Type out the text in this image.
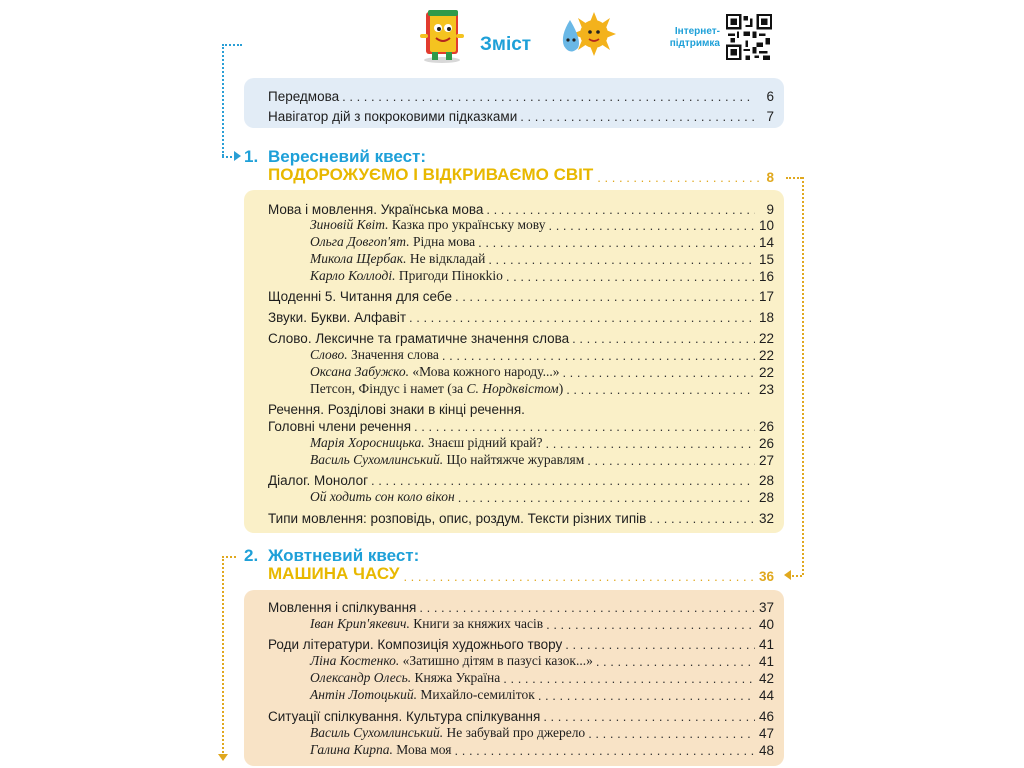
Зміст
Інтернет-
підтримка
Передмова . . .	6
Навігатор дій з покроковими підказками . . .	7
1. Вересневий квест:
ПОДОРОЖУЄМО І ВІДКРИВАЄМО СВІТ . . .	8
Мова і мовлення. Українська мова . . .	9
Зиновій Квіт. Казка про українську мову . . .	10
Ольга Довгоп'ят. Рідна мова . . .	14
Микола Щербак. Не відкладай . . .	15
Карло Коллоді. Пригоди Пінокkіо . . .	16
Щоденні 5. Читання для себе . . .	17
Звуки. Букви. Алфавіт . . .	18
Слово. Лексичне та граматичне значення слова . . .	22
Слово. Значення слова . . .	22
Оксана Забужко. «Мова кожного народу...» . . .	22
Петсон, Фіндус і намет (за С. Нордквістом) . . .	23
Речення. Розділові знаки в кінці речення.
Головні члени речення . . .	26
Марія Хоросницька. Знаєш рідний край? . . .	26
Василь Сухомлинський. Що найтяжче журавлям . . .	27
Діалог. Монолог . . .	28
Ой ходить сон коло вікон . . .	28
Типи мовлення: розповідь, опис, роздум. Тексти різних типів . . .	32
2. Жовтневий квест:
МАШИНА ЧАСУ . . .	36
Мовлення і спілкування . . .	37
Іван Крип'якевич. Книги за княжих часів . . .	40
Роди літератури. Композиція художнього твору . . .	41
Ліна Костенко. «Затишно дітям в пазусі казок...» . . .	41
Олександр Олесь. Княжа Україна . . .	42
Антін Лотоцький. Михайло-семиліток . . .	44
Ситуації спілкування. Культура спілкування . . .	46
Василь Сухомлинський. Не забувай про джерело . . .	47
Галина Кирпа. Мова моя . . .	48
